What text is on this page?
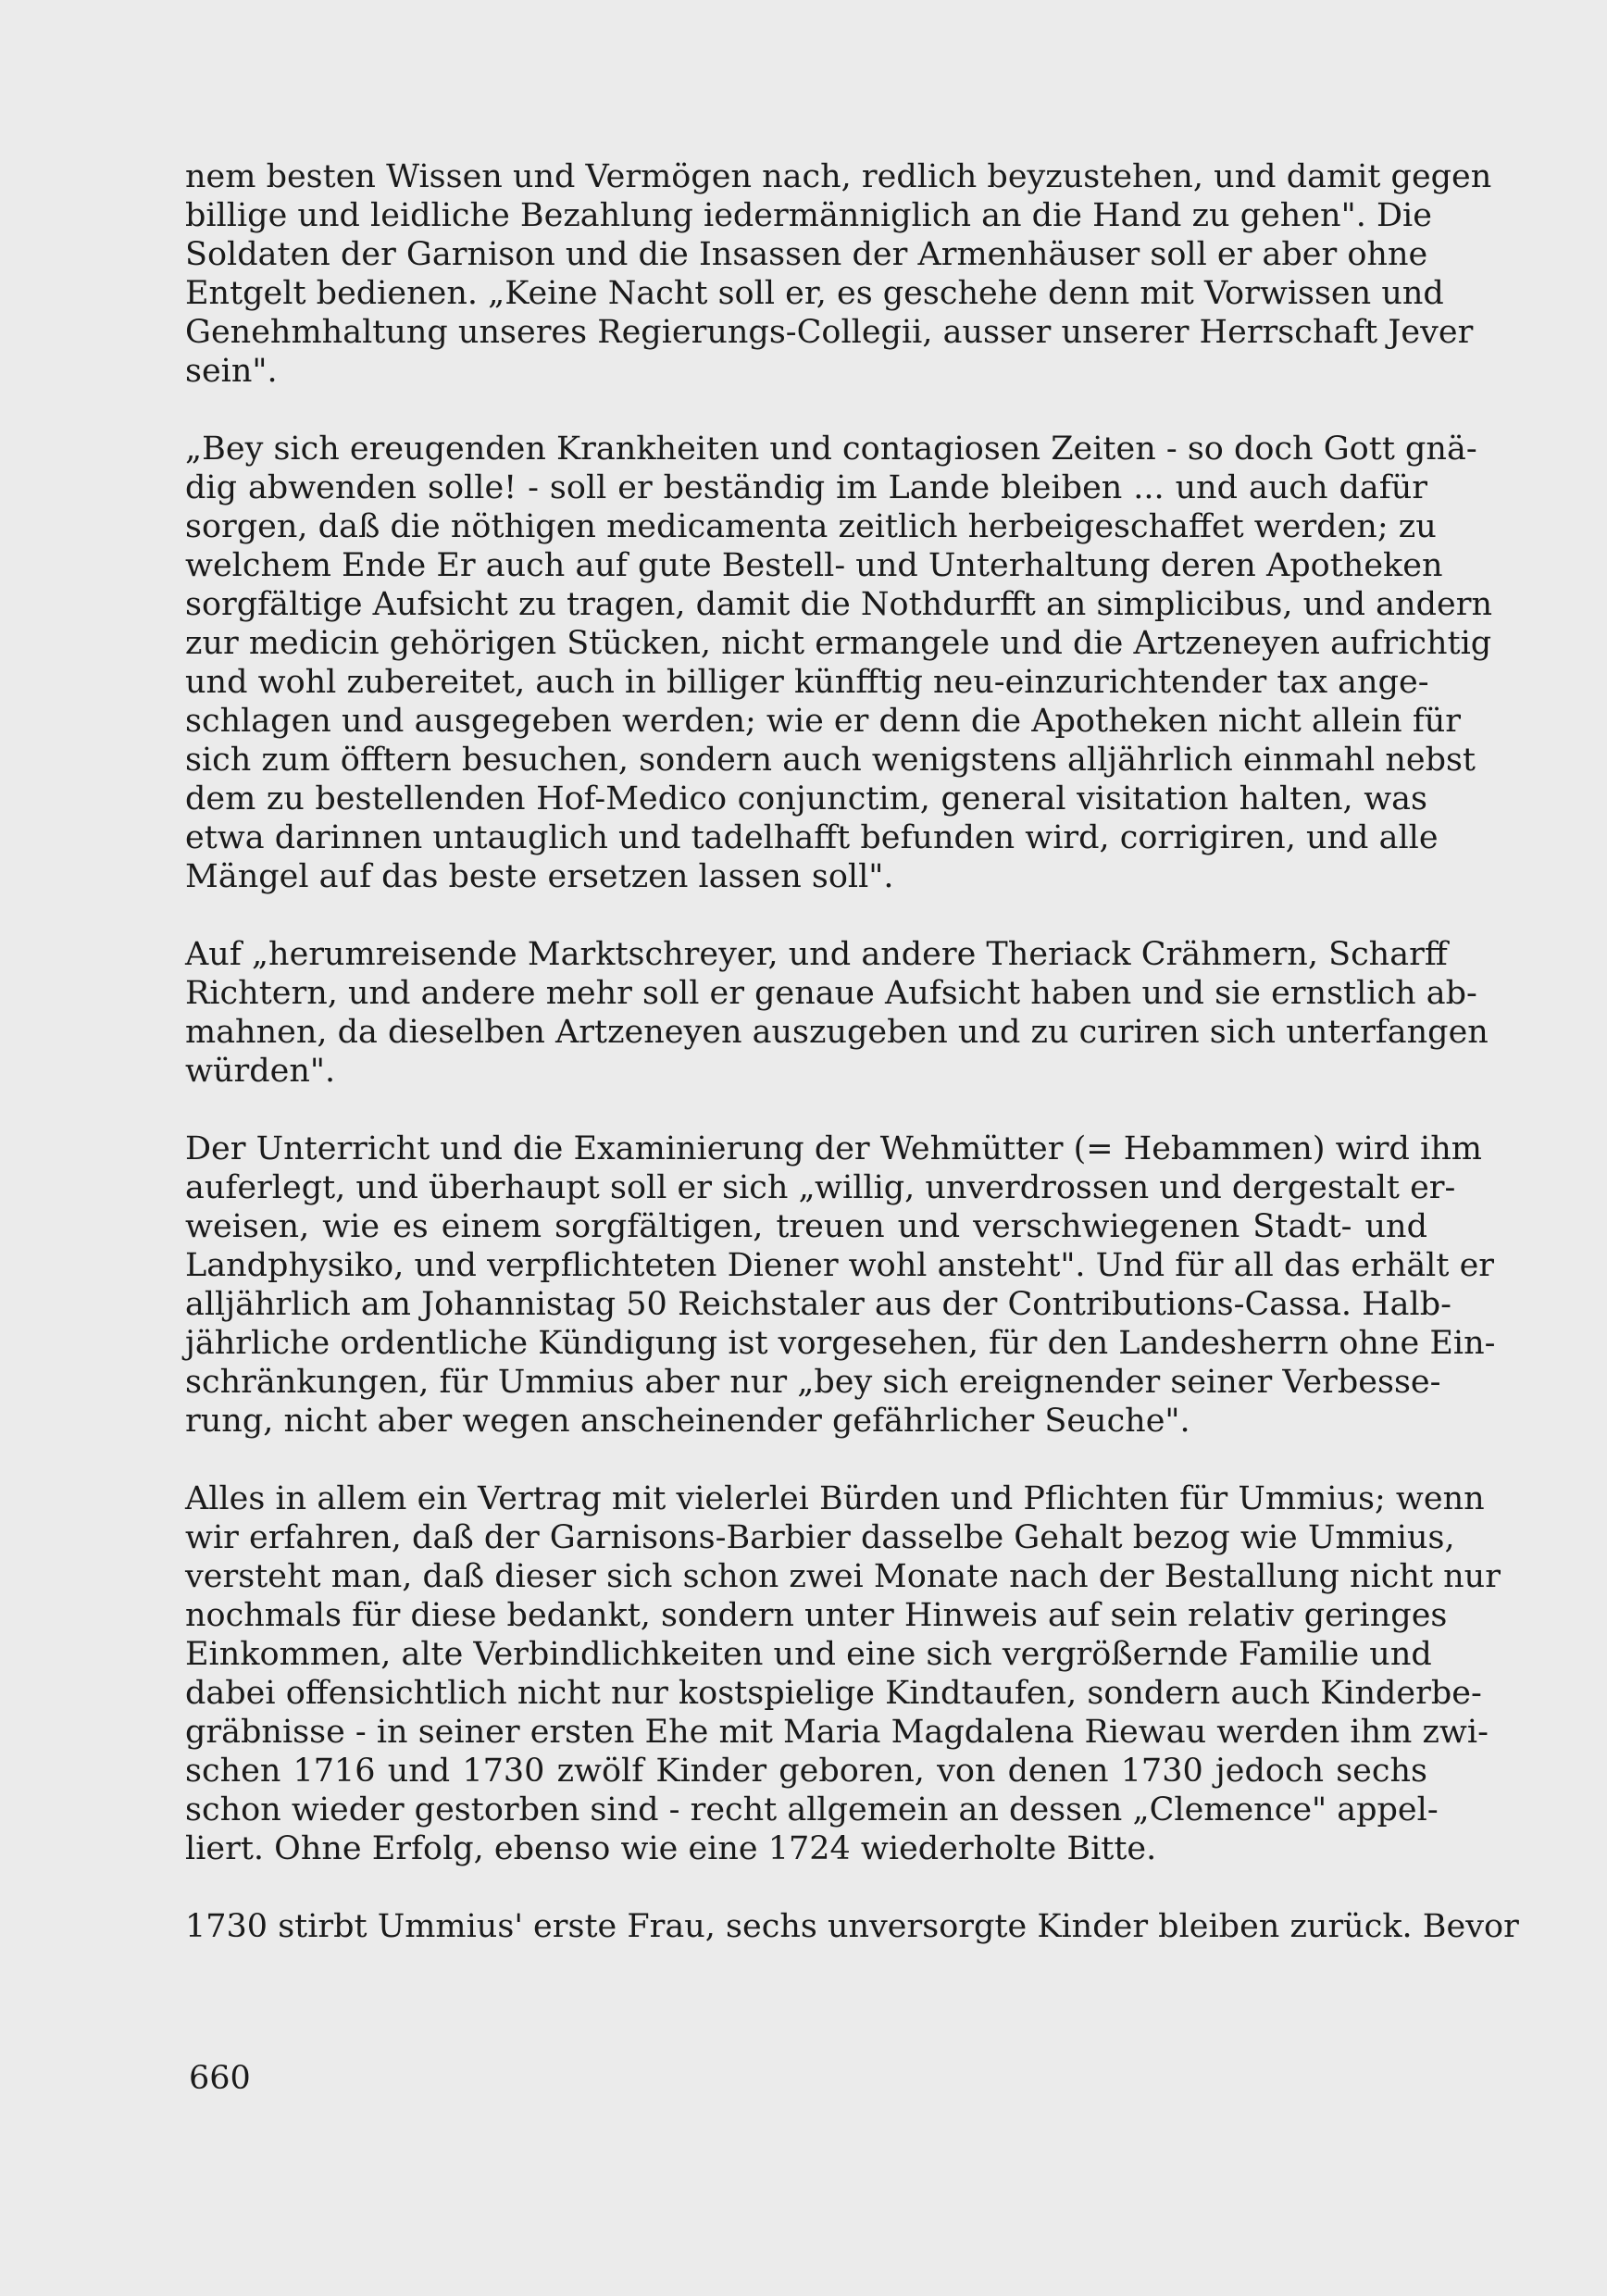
nem besten Wissen und Vermögen nach, redlich beyzustehen, und damit gegen
billige und leidliche Bezahlung iedermänniglich an die Hand zu gehen". Die
Soldaten der Garnison und die Insassen der Armenhäuser soll er aber ohne
Entgelt bedienen. „Keine Nacht soll er, es geschehe denn mit Vorwissen und
Genehmhaltung unseres Regierungs-Collegii, ausser unserer Herrschaft Jever
sein".
„Bey sich ereugenden Krankheiten und contagiosen Zeiten - so doch Gott gnä-
dig abwenden solle! - soll er beständig im Lande bleiben ... und auch dafür
sorgen, daß die nöthigen medicamenta zeitlich herbeigeschaffet werden; zu
welchem Ende Er auch auf gute Bestell- und Unterhaltung deren Apotheken
sorgfältige Aufsicht zu tragen, damit die Nothdurfft an simplicibus, und andern
zur medicin gehörigen Stücken, nicht ermangele und die Artzeneyen aufrichtig
und wohl zubereitet, auch in billiger künfftig neu-einzurichtender tax ange-
schlagen und ausgegeben werden; wie er denn die Apotheken nicht allein für
sich zum öfftern besuchen, sondern auch wenigstens alljährlich einmahl nebst
dem zu bestellenden Hof-Medico conjunctim, general visitation halten, was
etwa darinnen untauglich und tadelhafft befunden wird, corrigiren, und alle
Mängel auf das beste ersetzen lassen soll".
Auf „herumreisende Marktschreyer, und andere Theriack Crähmern, Scharff
Richtern, und andere mehr soll er genaue Aufsicht haben und sie ernstlich ab-
mahnen, da dieselben Artzeneyen auszugeben und zu curiren sich unterfangen
würden".
Der Unterricht und die Examinierung der Wehmütter (= Hebammen) wird ihm
auferlegt, und überhaupt soll er sich „willig, unverdrossen und dergestalt er-
weisen, wie es einem sorgfältigen, treuen und verschwiegenen Stadt- und
Landphysiko, und verpflichteten Diener wohl ansteht". Und für all das erhält er
alljährlich am Johannistag 50 Reichstaler aus der Contributions-Cassa. Halb-
jährliche ordentliche Kündigung ist vorgesehen, für den Landesherrn ohne Ein-
schränkungen, für Ummius aber nur „bey sich ereignender seiner Verbesse-
rung, nicht aber wegen anscheinender gefährlicher Seuche".
Alles in allem ein Vertrag mit vielerlei Bürden und Pflichten für Ummius; wenn
wir erfahren, daß der Garnisons-Barbier dasselbe Gehalt bezog wie Ummius,
versteht man, daß dieser sich schon zwei Monate nach der Bestallung nicht nur
nochmals für diese bedankt, sondern unter Hinweis auf sein relativ geringes
Einkommen, alte Verbindlichkeiten und eine sich vergrößernde Familie und
dabei offensichtlich nicht nur kostspielige Kindtaufen, sondern auch Kinderbe-
gräbnisse - in seiner ersten Ehe mit Maria Magdalena Riewau werden ihm zwi-
schen 1716 und 1730 zwölf Kinder geboren, von denen 1730 jedoch sechs
schon wieder gestorben sind - recht allgemein an dessen „Clemence" appel-
liert. Ohne Erfolg, ebenso wie eine 1724 wiederholte Bitte.
1730 stirbt Ummius' erste Frau, sechs unversorgte Kinder bleiben zurück. Bevor
660
